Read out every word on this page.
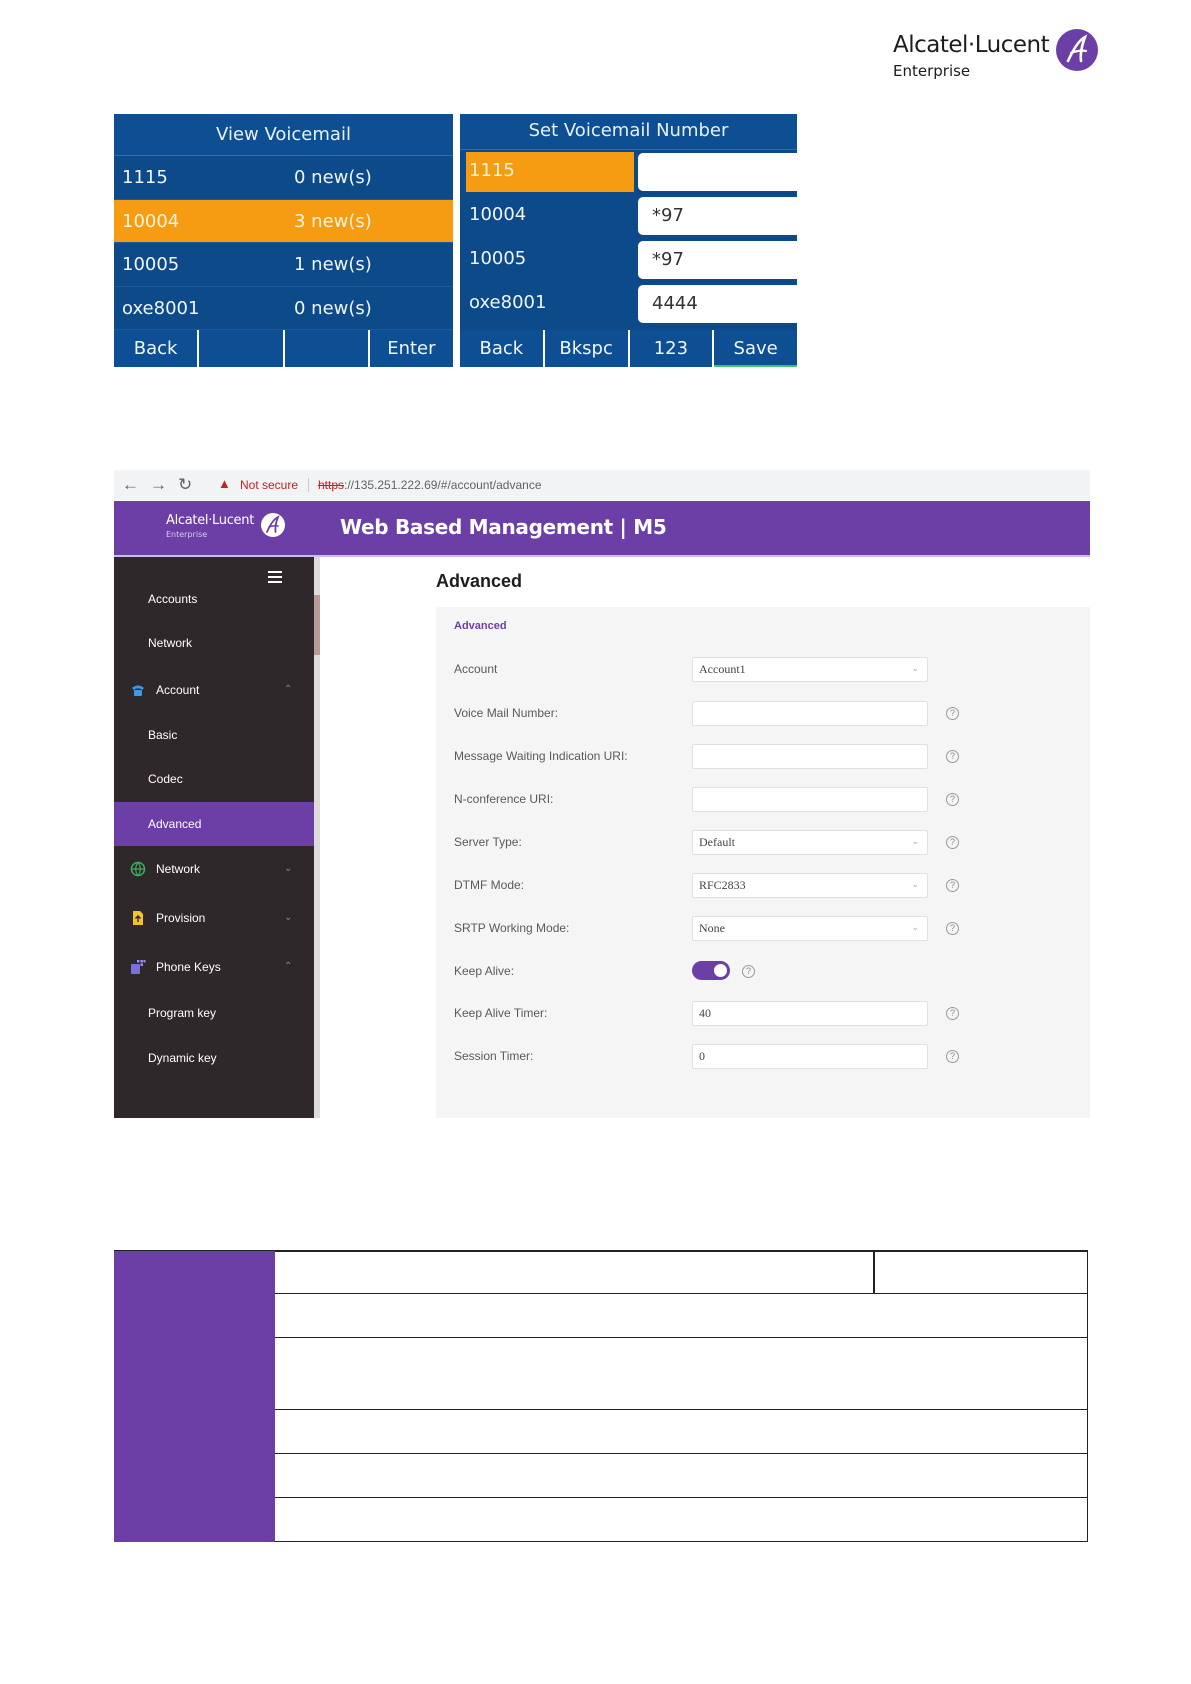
Alcatel·Lucent
Enterprise
View Voicemail
1115	0 new(s)
10004	3 new(s)
10005	1 new(s)
oxe8001	0 new(s)
Back	Enter
Set Voicemail Number
1115
10004	*97
10005	*97
oxe8001	4444
Back	Bkspc	123	Save
← → ↻ ▲ Not secure https://135.251.222.69/#/account/advance
Alcatel·Lucent
Enterprise	Web Based Management | M5
Accounts
Network
Account	⌃
Basic
Codec
Advanced
Network	⌄
Provision	⌄
Phone Keys	⌃
Program key
Dynamic key
Advanced
Advanced
Account	Account1	⌄
Voice Mail Number:	?
Message Waiting Indication URI:	?
N-conference URI:	?
Server Type:	Default	⌄	?
DTMF Mode:	RFC2833	⌄	?
SRTP Working Mode:	None	⌄	?
Keep Alive:	?
Keep Alive Timer:	40	?
Session Timer:	0	?
